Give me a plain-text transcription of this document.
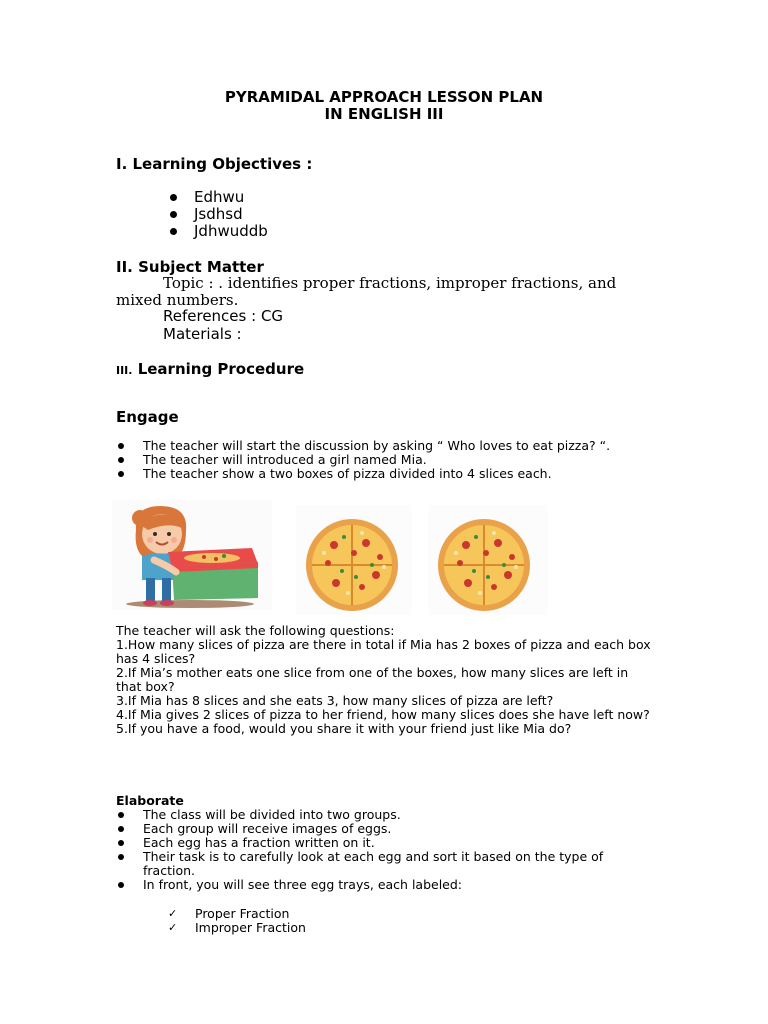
PYRAMIDAL APPROACH LESSON PLAN
IN ENGLISH III
I. Learning Objectives :
Edhwu
Jsdhsd
Jdhwuddb
II. Subject Matter
Topic : . identifies proper fractions, improper fractions, and
mixed numbers.
References : CG
Materials :
III. Learning Procedure
Engage
The teacher will start the discussion by asking “ Who loves to eat pizza? “.
The teacher will introduced a girl named Mia.
The teacher show a two boxes of pizza divided into 4 slices each.
The teacher will ask the following questions:
1.How many slices of pizza are there in total if Mia has 2 boxes of pizza and each box has 4 slices?
2.If Mia’s mother eats one slice from one of the boxes, how many slices are left in that box?
3.If Mia has 8 slices and she eats 3, how many slices of pizza are left?
4.If Mia gives 2 slices of pizza to her friend, how many slices does she have left now?
5.If you have a food, would you share it with your friend just like Mia do?
Elaborate
The class will be divided into two groups.
Each group will receive images of eggs.
Each egg has a fraction written on it.
Their task is to carefully look at each egg and sort it based on the type of fraction.
In front, you will see three egg trays, each labeled:
✓ Proper Fraction
✓ Improper Fraction
